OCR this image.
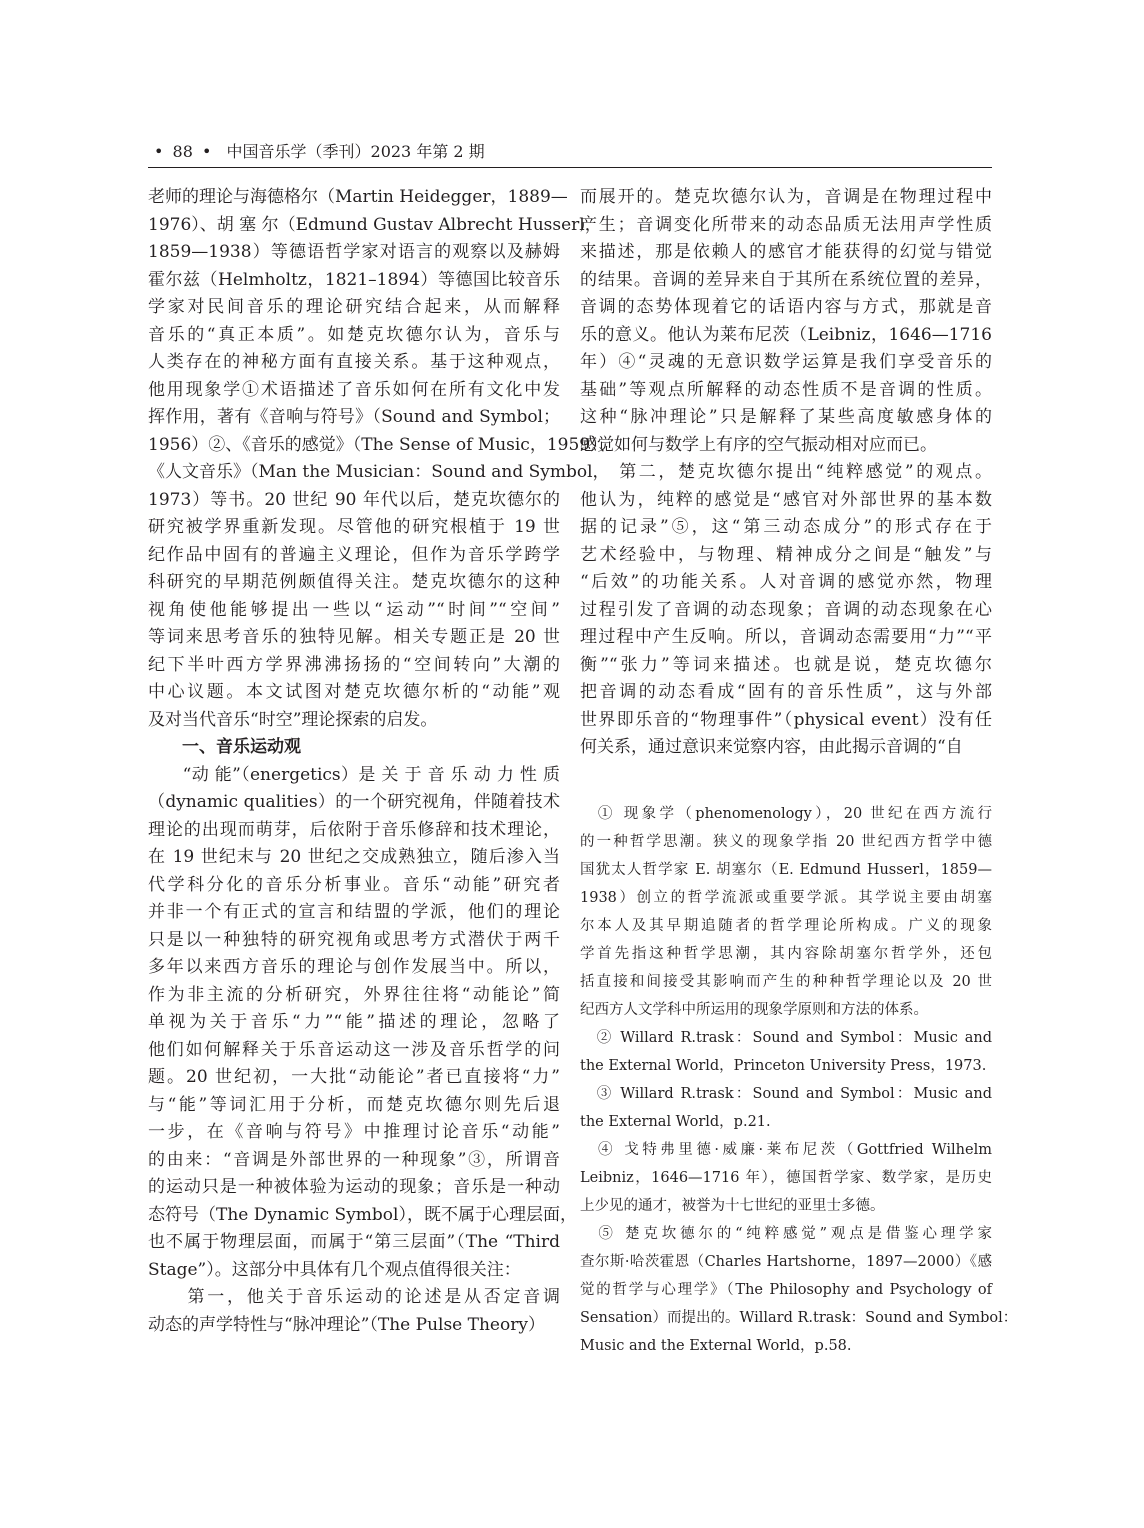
• 88 • 中国音乐学（季刊）2023 年第 2 期
老师的理论与海德格尔（Martin Heidegger，1889—
1976）、胡 塞 尔（Edmund Gustav Albrecht Husserl，
1859—1938）等德语哲学家对语言的观察以及赫姆
霍尔兹（Helmholtz，1821–1894）等德国比较音乐
学家对民间音乐的理论研究结合起来，从而解释
音乐的“真正本质”。如楚克坎德尔认为，音乐与
人类存在的神秘方面有直接关系。基于这种观点，
他用现象学①术语描述了音乐如何在所有文化中发
挥作用，著有《音响与符号》（Sound and Symbol；
1956）②、《音乐的感觉》（The Sense of Music，1959）、
《人文音乐》（Man the Musician：Sound and Symbol，
1973）等书。20 世纪 90 年代以后，楚克坎德尔的
研究被学界重新发现。尽管他的研究根植于 19 世
纪作品中固有的普遍主义理论，但作为音乐学跨学
科研究的早期范例颇值得关注。楚克坎德尔的这种
视角使他能够提出一些以“运动”“时间”“空间”
等词来思考音乐的独特见解。相关专题正是 20 世
纪下半叶西方学界沸沸扬扬的“空间转向”大潮的
中心议题。本文试图对楚克坎德尔析的“动能”观
及对当代音乐“时空”理论探索的启发。
　　一、音乐运动观
　　“动 能”（energetics）是 关 于 音 乐 动 力 性 质
（dynamic qualities）的一个研究视角，伴随着技术
理论的出现而萌芽，后依附于音乐修辞和技术理论，
在 19 世纪末与 20 世纪之交成熟独立，随后渗入当
代学科分化的音乐分析事业。音乐“动能”研究者
并非一个有正式的宣言和结盟的学派，他们的理论
只是以一种独特的研究视角或思考方式潜伏于两千
多年以来西方音乐的理论与创作发展当中。所以，
作为非主流的分析研究，外界往往将“动能论”简
单视为关于音乐“力”“能”描述的理论，忽略了
他们如何解释关于乐音运动这一涉及音乐哲学的问
题。20 世纪初，一大批“动能论”者已直接将“力”
与“能”等词汇用于分析，而楚克坎德尔则先后退
一步，在《音响与符号》中推理讨论音乐“动能”
的由来：“音调是外部世界的一种现象”③，所谓音
的运动只是一种被体验为运动的现象；音乐是一种动
态符号（The Dynamic Symbol），既不属于心理层面，
也不属于物理层面，而属于“第三层面”（The “Third
Stage”）。这部分中具体有几个观点值得很关注：
　　第一，他关于音乐运动的论述是从否定音调
动态的声学特性与“脉冲理论”（The Pulse Theory）
而展开的。楚克坎德尔认为，音调是在物理过程中
产生；音调变化所带来的动态品质无法用声学性质
来描述，那是依赖人的感官才能获得的幻觉与错觉
的结果。音调的差异来自于其所在系统位置的差异，
音调的态势体现着它的话语内容与方式，那就是音
乐的意义。他认为莱布尼茨（Leibniz，1646—1716
年）④“灵魂的无意识数学运算是我们享受音乐的
基础”等观点所解释的动态性质不是音调的性质。
这种“脉冲理论”只是解释了某些高度敏感身体的
感觉如何与数学上有序的空气振动相对应而已。
　　第二，楚克坎德尔提出“纯粹感觉”的观点。
他认为，纯粹的感觉是“感官对外部世界的基本数
据的记录”⑤，这“第三动态成分”的形式存在于
艺术经验中，与物理、精神成分之间是“触发”与
“后效”的功能关系。人对音调的感觉亦然，物理
过程引发了音调的动态现象；音调的动态现象在心
理过程中产生反响。所以，音调动态需要用“力”“平
衡”“张力”等词来描述。也就是说，楚克坎德尔
把音调的动态看成“固有的音乐性质”，这与外部
世界即乐音的“物理事件”（physical event）没有任
何关系，通过意识来觉察内容，由此揭示音调的“自
　① 现象学（phenomenology），20 世纪在西方流行
的一种哲学思潮。狭义的现象学指 20 世纪西方哲学中德
国犹太人哲学家 E. 胡塞尔（E. Edmund Husserl，1859—
1938）创立的哲学流派或重要学派。其学说主要由胡塞
尔本人及其早期追随者的哲学理论所构成。广义的现象
学首先指这种哲学思潮，其内容除胡塞尔哲学外，还包
括直接和间接受其影响而产生的种种哲学理论以及 20 世
纪西方人文学科中所运用的现象学原则和方法的体系。
　② Willard R.trask：Sound and Symbol：Music and
the External World，Princeton University Press，1973.
　③ Willard R.trask：Sound and Symbol：Music and
the External World，p.21.
　④ 戈特弗里德·威廉·莱布尼茨（Gottfried Wilhelm
Leibniz，1646—1716 年），德国哲学家、数学家，是历史
上少见的通才，被誉为十七世纪的亚里士多德。
　⑤ 楚克坎德尔的“纯粹感觉”观点是借鉴心理学家
查尔斯·哈茨霍恩（Charles Hartshorne，1897—2000）《感
觉的哲学与心理学》（The Philosophy and Psychology of
Sensation）而提出的。Willard R.trask：Sound and Symbol：
Music and the External World，p.58.
